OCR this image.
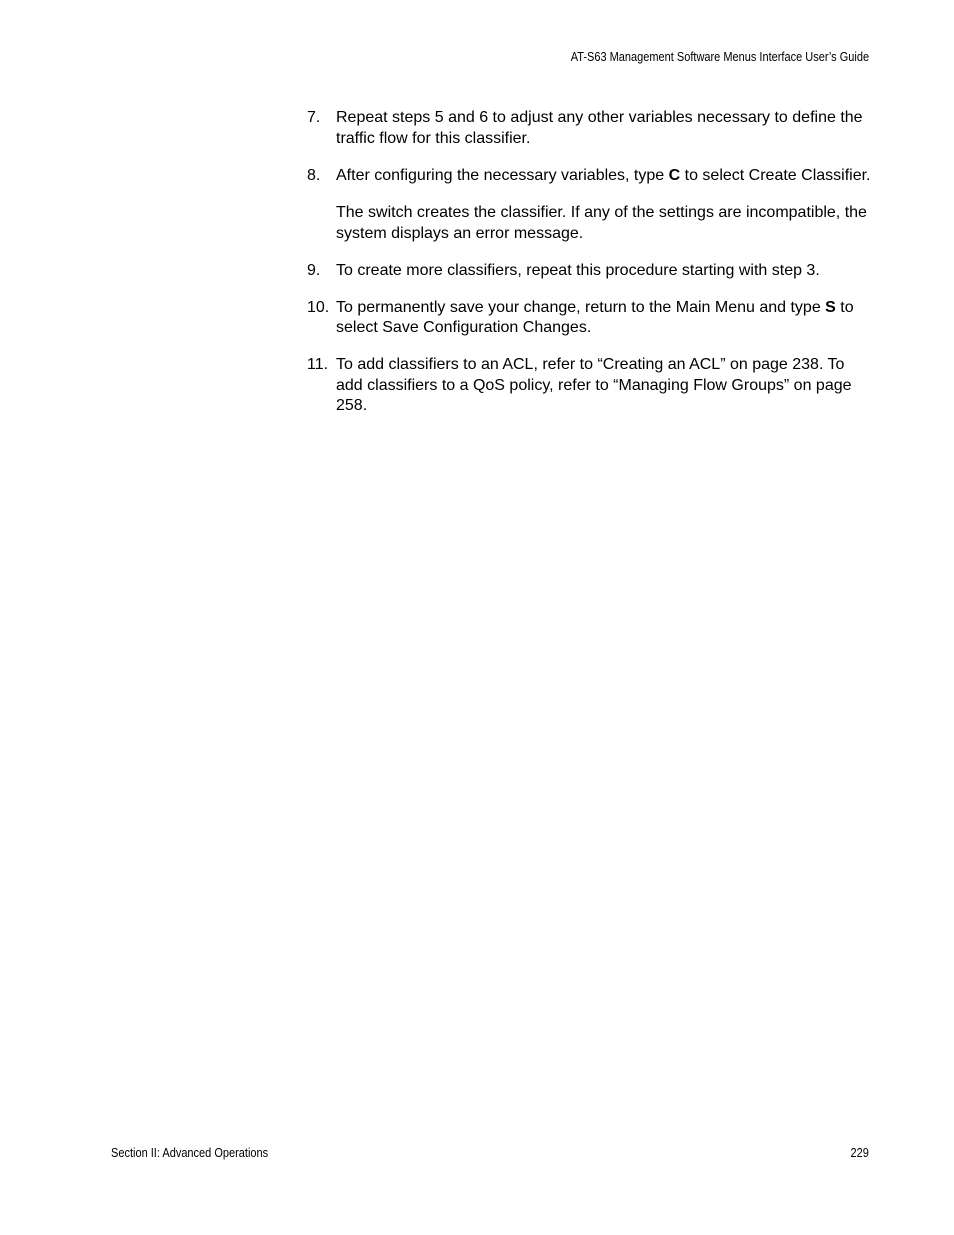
AT-S63 Management Software Menus Interface User’s Guide
7. Repeat steps 5 and 6 to adjust any other variables necessary to define the traffic flow for this classifier.

8. After configuring the necessary variables, type C to select Create Classifier.

The switch creates the classifier. If any of the settings are incompatible, the system displays an error message.

9. To create more classifiers, repeat this procedure starting with step 3.

10. To permanently save your change, return to the Main Menu and type S to select Save Configuration Changes.

11. To add classifiers to an ACL, refer to “Creating an ACL” on page 238. To add classifiers to a QoS policy, refer to “Managing Flow Groups” on page 258.

Section II: Advanced Operations	229
